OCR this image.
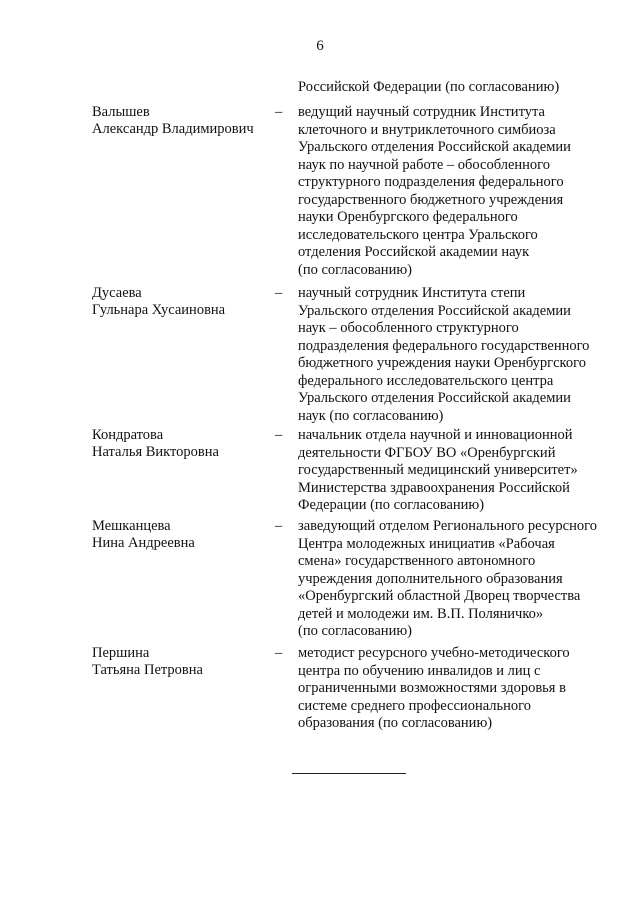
6
Российской Федерации (по согласованию)
Валышев
Александр Владимирович
– ведущий научный сотрудник Института
клеточного и внутриклеточного симбиоза
Уральского отделения Российской академии
наук по научной работе – обособленного
структурного подразделения федерального
государственного бюджетного учреждения
науки Оренбургского федерального
исследовательского центра Уральского
отделения Российской академии наук
(по согласованию)
Дусаева
Гульнара Хусаиновна
– научный сотрудник Института степи
Уральского отделения Российской академии
наук – обособленного структурного
подразделения федерального государственного
бюджетного учреждения науки Оренбургского
федерального исследовательского центра
Уральского отделения Российской академии
наук (по согласованию)
Кондратова
Наталья Викторовна
– начальник отдела научной и инновационной
деятельности ФГБОУ ВО «Оренбургский
государственный медицинский университет»
Министерства здравоохранения Российской
Федерации (по согласованию)
Мешканцева
Нина Андреевна
– заведующий отделом Регионального ресурсного
Центра молодежных инициатив «Рабочая
смена» государственного автономного
учреждения дополнительного образования
«Оренбургский областной Дворец творчества
детей и молодежи им. В.П. Поляничко»
(по согласованию)
Першина
Татьяна Петровна
– методист ресурсного учебно-методического
центра по обучению инвалидов и лиц с
ограниченными возможностями здоровья в
системе среднего профессионального
образования (по согласованию)
